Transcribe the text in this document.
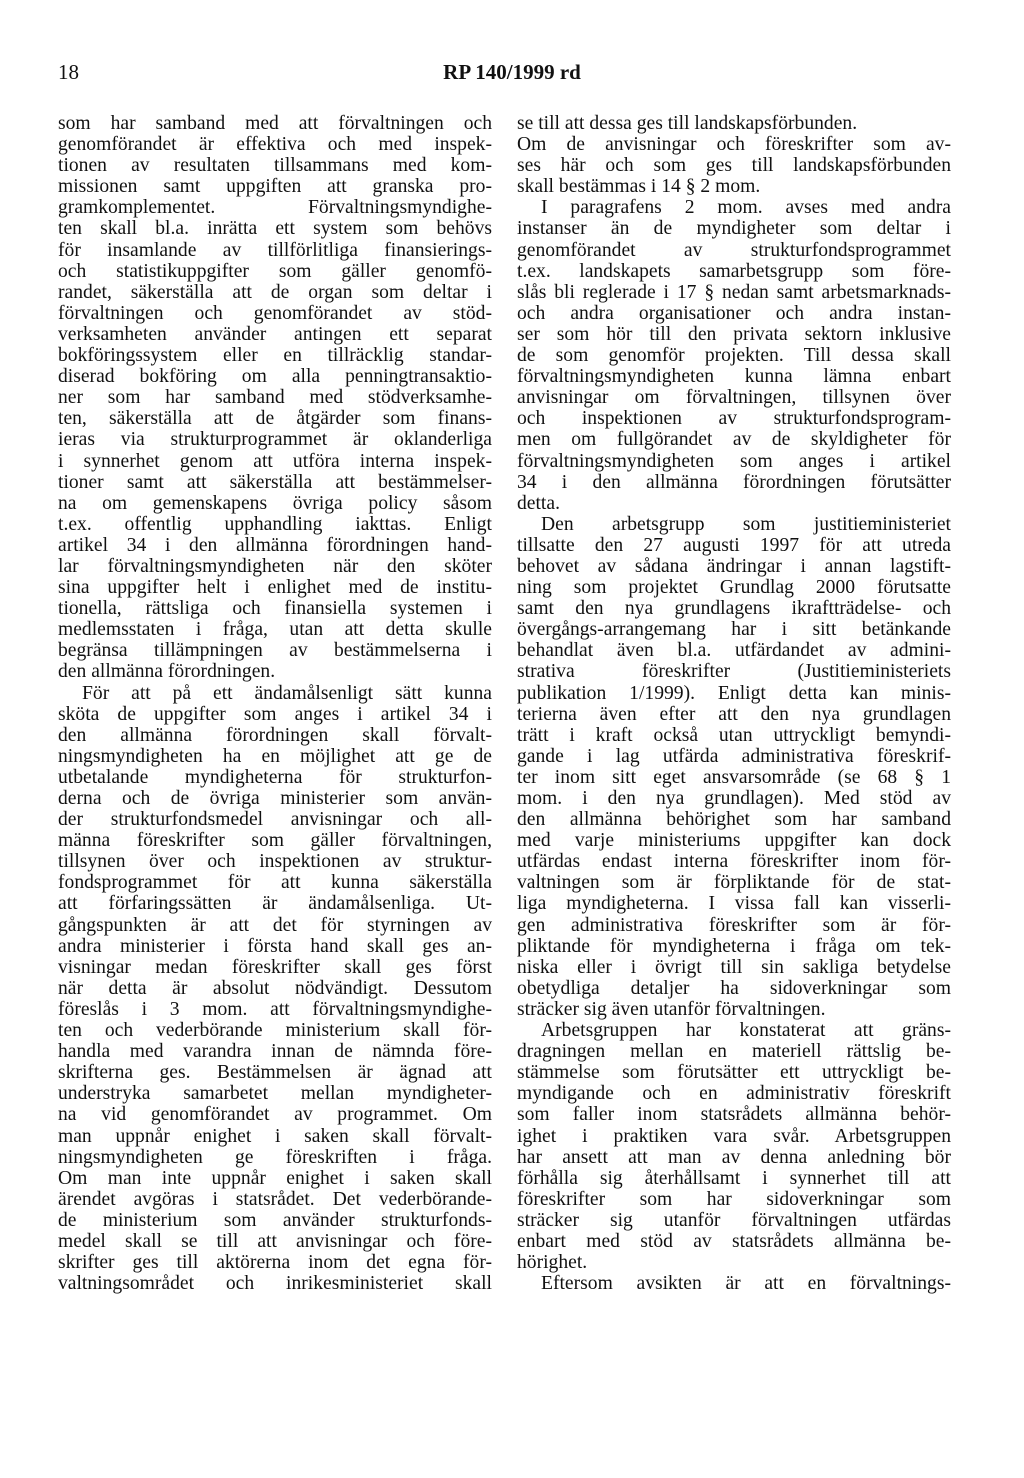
18	RP 140/1999 rd
som har samband med att förvaltningen och
genomförandet är effektiva och med inspek-
tionen av resultaten tillsammans med kom-
missionen samt uppgiften att granska pro-
gramkomplementet. Förvaltningsmyndighe-
ten skall bl.a. inrätta ett system som behövs
för insamlande av tillförlitliga finansierings-
och statistikuppgifter som gäller genomfö-
randet, säkerställa att de organ som deltar i
förvaltningen och genomförandet av stöd-
verksamheten använder antingen ett separat
bokföringssystem eller en tillräcklig standar-
diserad bokföring om alla penningtransaktio-
ner som har samband med stödverksamhe-
ten, säkerställa att de åtgärder som finans-
ieras via strukturprogrammet är oklanderliga
i synnerhet genom att utföra interna inspek-
tioner samt att säkerställa att bestämmelser-
na om gemenskapens övriga policy såsom
t.ex. offentlig upphandling iakttas. Enligt
artikel 34 i den allmänna förordningen hand-
lar förvaltningsmyndigheten när den sköter
sina uppgifter helt i enlighet med de institu-
tionella, rättsliga och finansiella systemen i
medlemsstaten i fråga, utan att detta skulle
begränsa tillämpningen av bestämmelserna i
den allmänna förordningen.
För att på ett ändamålsenligt sätt kunna
sköta de uppgifter som anges i artikel 34 i
den allmänna förordningen skall förvalt-
ningsmyndigheten ha en möjlighet att ge de
utbetalande myndigheterna för strukturfon-
derna och de övriga ministerier som använ-
der strukturfondsmedel anvisningar och all-
männa föreskrifter som gäller förvaltningen,
tillsynen över och inspektionen av struktur-
fondsprogrammet för att kunna säkerställa
att förfaringssätten är ändamålsenliga. Ut-
gångspunkten är att det för styrningen av
andra ministerier i första hand skall ges an-
visningar medan föreskrifter skall ges först
när detta är absolut nödvändigt. Dessutom
föreslås i 3 mom. att förvaltningsmyndighe-
ten och vederbörande ministerium skall för-
handla med varandra innan de nämnda före-
skrifterna ges. Bestämmelsen är ägnad att
understryka samarbetet mellan myndigheter-
na vid genomförandet av programmet. Om
man uppnår enighet i saken skall förvalt-
ningsmyndigheten ge föreskriften i fråga.
Om man inte uppnår enighet i saken skall
ärendet avgöras i statsrådet. Det vederbörande-
de ministerium som använder strukturfonds-
medel skall se till att anvisningar och före-
skrifter ges till aktörerna inom det egna för-
valtningsområdet och inrikesministeriet skall
se till att dessa ges till landskapsförbunden.
Om de anvisningar och föreskrifter som av-
ses här och som ges till landskapsförbunden
skall bestämmas i 14 § 2 mom.
I paragrafens 2 mom. avses med andra
instanser än de myndigheter som deltar i
genomförandet av strukturfondsprogrammet
t.ex. landskapets samarbetsgrupp som före-
slås bli reglerade i 17 § nedan samt arbetsmarknads-
och andra organisationer och andra instan-
ser som hör till den privata sektorn inklusive
de som genomför projekten. Till dessa skall
förvaltningsmyndigheten kunna lämna enbart
anvisningar om förvaltningen, tillsynen över
och inspektionen av strukturfondsprogram-
men om fullgörandet av de skyldigheter för
förvaltningsmyndigheten som anges i artikel
34 i den allmänna förordningen förutsätter
detta.
Den arbetsgrupp som justitieministeriet
tillsatte den 27 augusti 1997 för att utreda
behovet av sådana ändringar i annan lagstift-
ning som projektet Grundlag 2000 förutsatte
samt den nya grundlagens ikraftträdelse- och
övergångs-arrangemang har i sitt betänkande
behandlat även bl.a. utfärdandet av admini-
strativa föreskrifter (Justitieministeriets
publikation 1/1999). Enligt detta kan minis-
terierna även efter att den nya grundlagen
trätt i kraft också utan uttryckligt bemyndi-
gande i lag utfärda administrativa föreskrif-
ter inom sitt eget ansvarsområde (se 68 § 1
mom. i den nya grundlagen). Med stöd av
den allmänna behörighet som har samband
med varje ministeriums uppgifter kan dock
utfärdas endast interna föreskrifter inom för-
valtningen som är förpliktande för de stat-
liga myndigheterna. I vissa fall kan visserli-
gen administrativa föreskrifter som är för-
pliktande för myndigheterna i fråga om tek-
niska eller i övrigt till sin sakliga betydelse
obetydliga detaljer ha sidoverkningar som
sträcker sig även utanför förvaltningen.
Arbetsgruppen har konstaterat att gräns-
dragningen mellan en materiell rättslig be-
stämmelse som förutsätter ett uttryckligt be-
myndigande och en administrativ föreskrift
som faller inom statsrådets allmänna behör-
ighet i praktiken vara svår. Arbetsgruppen
har ansett att man av denna anledning bör
förhålla sig återhållsamt i synnerhet till att
föreskrifter som har sidoverkningar som
sträcker sig utanför förvaltningen utfärdas
enbart med stöd av statsrådets allmänna be-
hörighet.
Eftersom avsikten är att en förvaltnings-
